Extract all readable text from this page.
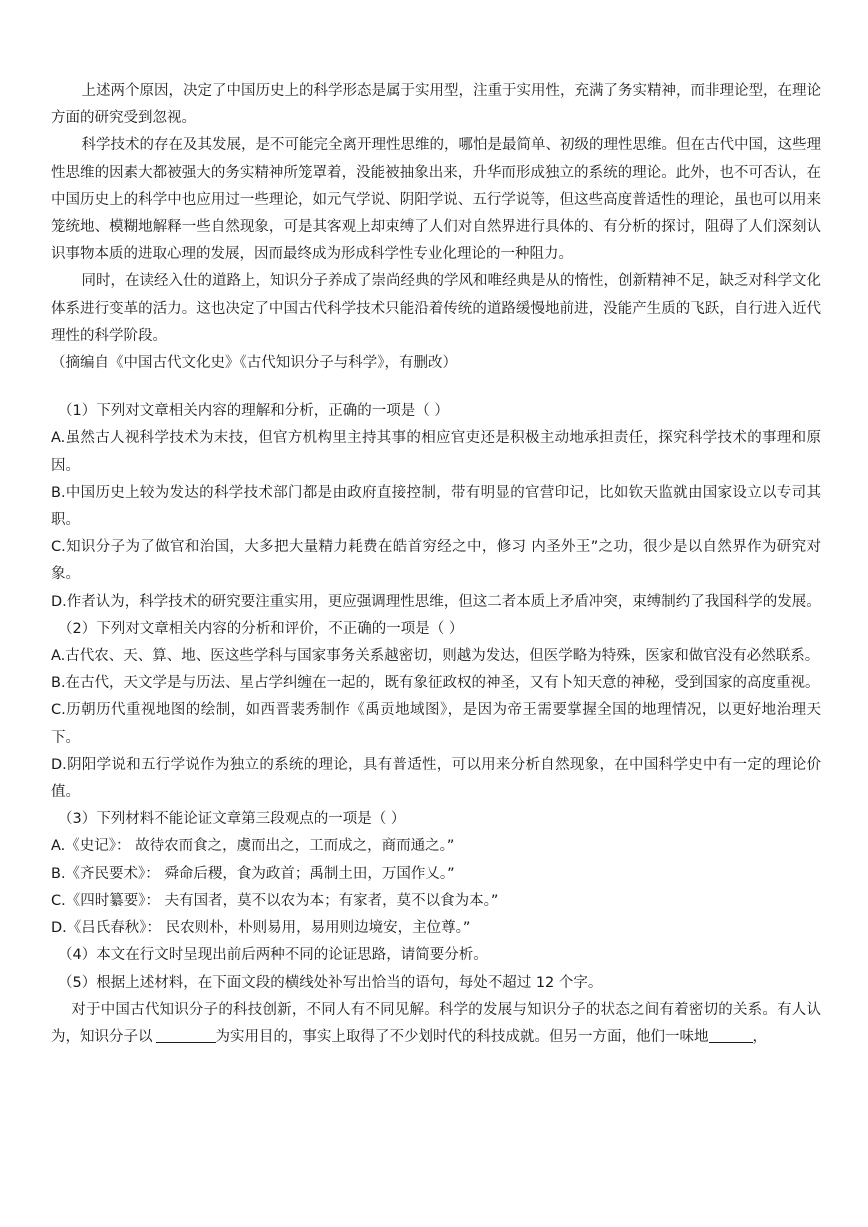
上述两个原因，决定了中国历史上的科学形态是属于实用型，注重于实用性，充满了务实精神，而非理论型，在理论方面的研究受到忽视。

科学技术的存在及其发展，是不可能完全离开理性思维的，哪怕是最简单、初级的理性思维。但在古代中国，这些理性思维的因素大都被强大的务实精神所笼罩着，没能被抽象出来，升华而形成独立的系统的理论。此外，也不可否认，在中国历史上的科学中也应用过一些理论，如元气学说、阴阳学说、五行学说等，但这些高度普适性的理论，虽也可以用来笼统地、模糊地解释一些自然现象，可是其客观上却束缚了人们对自然界进行具体的、有分析的探讨，阻碍了人们深刻认识事物本质的进取心理的发展，因而最终成为形成科学性专业化理论的一种阻力。

同时，在读经入仕的道路上，知识分子养成了崇尚经典的学风和唯经典是从的惰性，创新精神不足，缺乏对科学文化体系进行变革的活力。这也决定了中国古代科学技术只能沿着传统的道路缓慢地前进，没能产生质的飞跃，自行进入近代理性的科学阶段。

（摘编自《中国古代文化史》《古代知识分子与科学》，有删改）

（1）下列对文章相关内容的理解和分析，正确的一项是（ ）

A.虽然古人视科学技术为末技，但官方机构里主持其事的相应官吏还是积极主动地承担责任，探究科学技术的事理和原因。

B.中国历史上较为发达的科学技术部门都是由政府直接控制，带有明显的官营印记，比如钦天监就由国家设立以专司其职。

C.知识分子为了做官和治国，大多把大量精力耗费在皓首穷经之中，修习 内圣外王”之功，很少是以自然界作为研究对象。

D.作者认为，科学技术的研究要注重实用，更应强调理性思维，但这二者本质上矛盾冲突，束缚制约了我国科学的发展。

（2）下列对文章相关内容的分析和评价，不正确的一项是（ ）

A.古代农、天、算、地、医这些学科与国家事务关系越密切，则越为发达，但医学略为特殊，医家和做官没有必然联系。

B.在古代，天文学是与历法、星占学纠缠在一起的，既有象征政权的神圣，又有卜知天意的神秘，受到国家的高度重视。

C.历朝历代重视地图的绘制，如西晋裴秀制作《禹贡地域图》，是因为帝王需要掌握全国的地理情况，以更好地治理天下。

D.阴阳学说和五行学说作为独立的系统的理论，具有普适性，可以用来分析自然现象，在中国科学史中有一定的理论价值。

（3）下列材料不能论证文章第三段观点的一项是（ ）

A.《史记》： 故待农而食之，虞而出之，工而成之，商而通之。”

B.《齐民要术》： 舜命后稷，食为政首；禹制土田，万国作乂。”

C.《四时纂要》： 夫有国者，莫不以农为本；有家者，莫不以食为本。”

D.《吕氏春秋》： 民农则朴，朴则易用，易用则边境安，主位尊。”

（4）本文在行文时呈现出前后两种不同的论证思路，请简要分析。

（5）根据上述材料，在下面文段的横线处补写出恰当的语句，每处不超过 12 个字。

对于中国古代知识分子的科技创新，不同人有不同见解。科学的发展与知识分子的状态之间有着密切的关系。有人认为，知识分子以	为实用目的，事实上取得了不少划时代的科技成就。但另一方面，他们一味地	，
